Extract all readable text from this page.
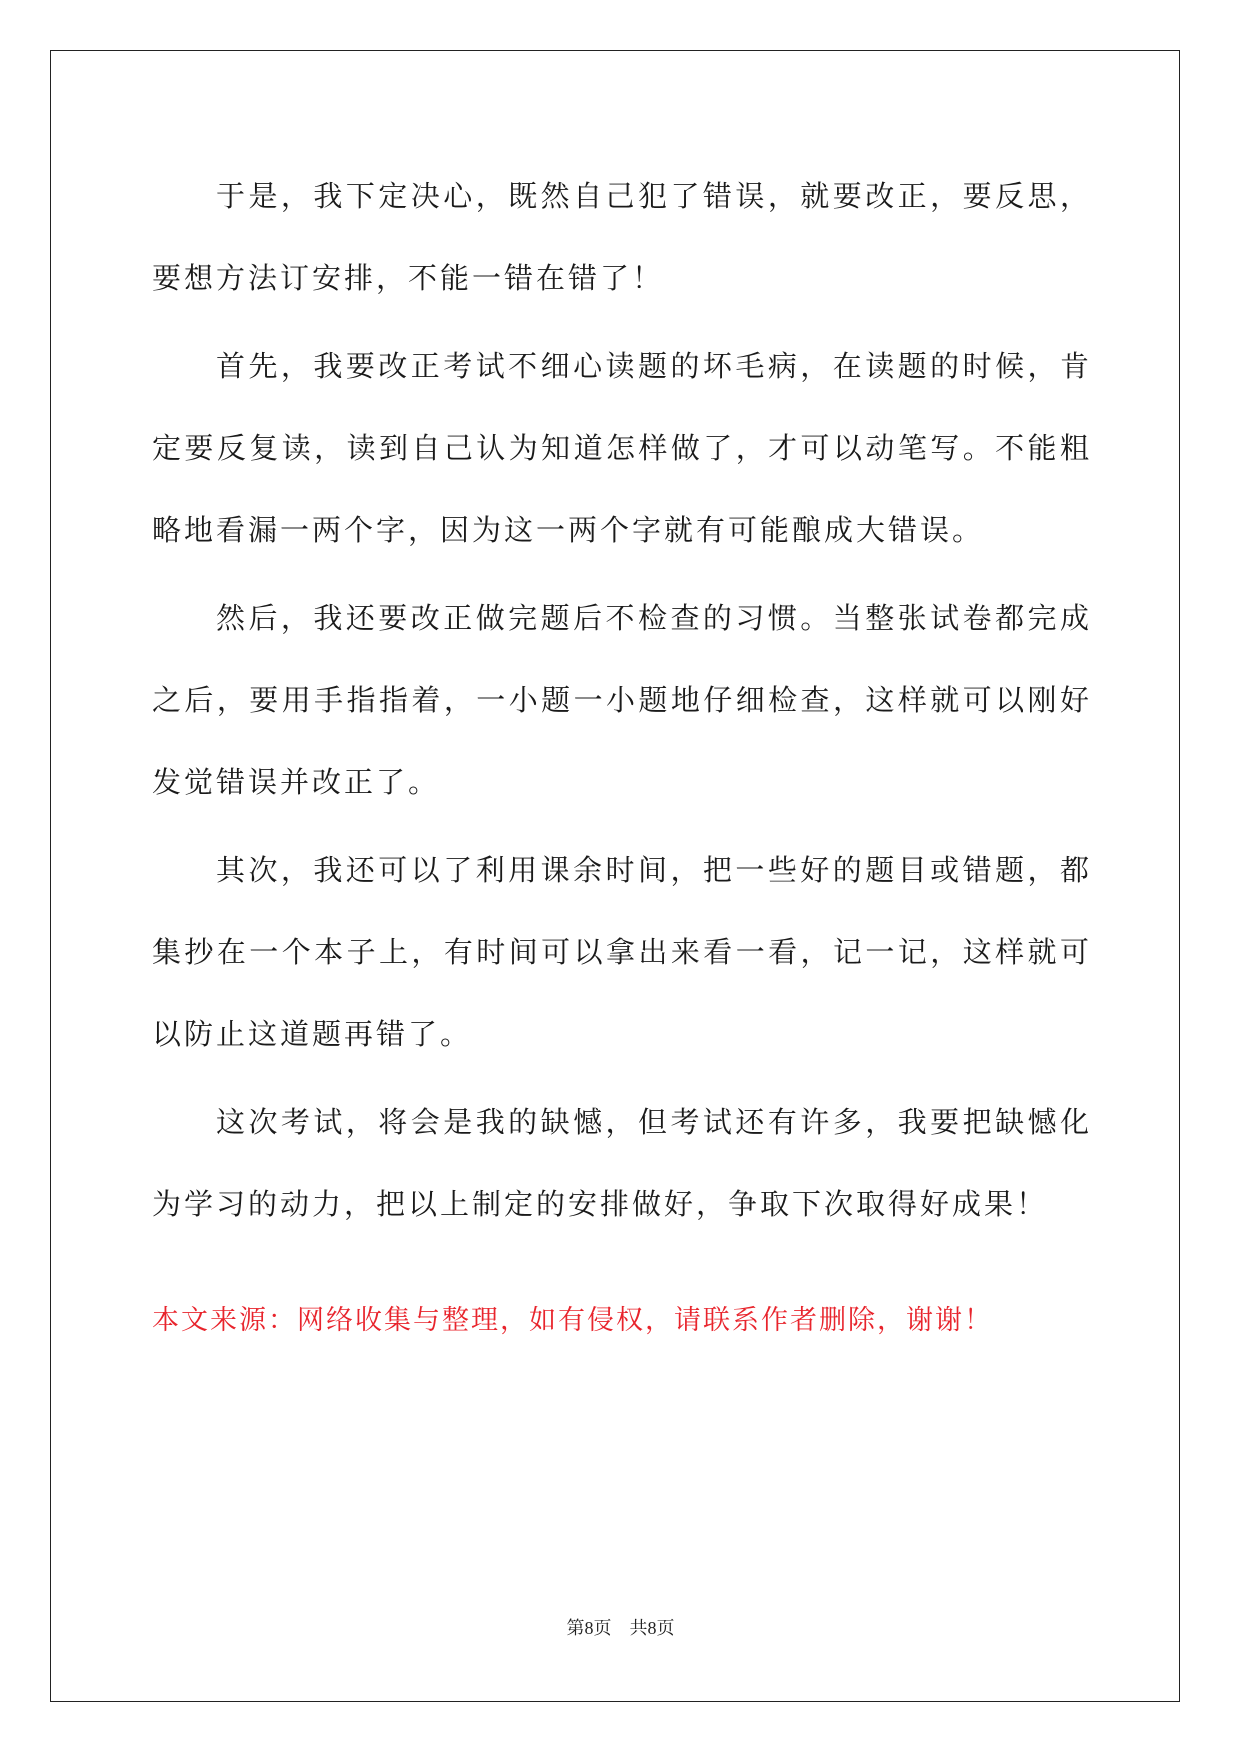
于是，我下定决心，既然自己犯了错误，就要改正，要反思，要想方法订安排，不能一错在错了！

首先，我要改正考试不细心读题的坏毛病，在读题的时候，肯定要反复读，读到自己认为知道怎样做了，才可以动笔写。不能粗略地看漏一两个字，因为这一两个字就有可能酿成大错误。

然后，我还要改正做完题后不检查的习惯。当整张试卷都完成之后，要用手指指着，一小题一小题地仔细检查，这样就可以刚好发觉错误并改正了。

其次，我还可以了利用课余时间，把一些好的题目或错题，都集抄在一个本子上，有时间可以拿出来看一看，记一记，这样就可以防止这道题再错了。

这次考试，将会是我的缺憾，但考试还有许多，我要把缺憾化为学习的动力，把以上制定的安排做好，争取下次取得好成果！

本文来源：网络收集与整理，如有侵权，请联系作者删除，谢谢！
第8页 共8页
